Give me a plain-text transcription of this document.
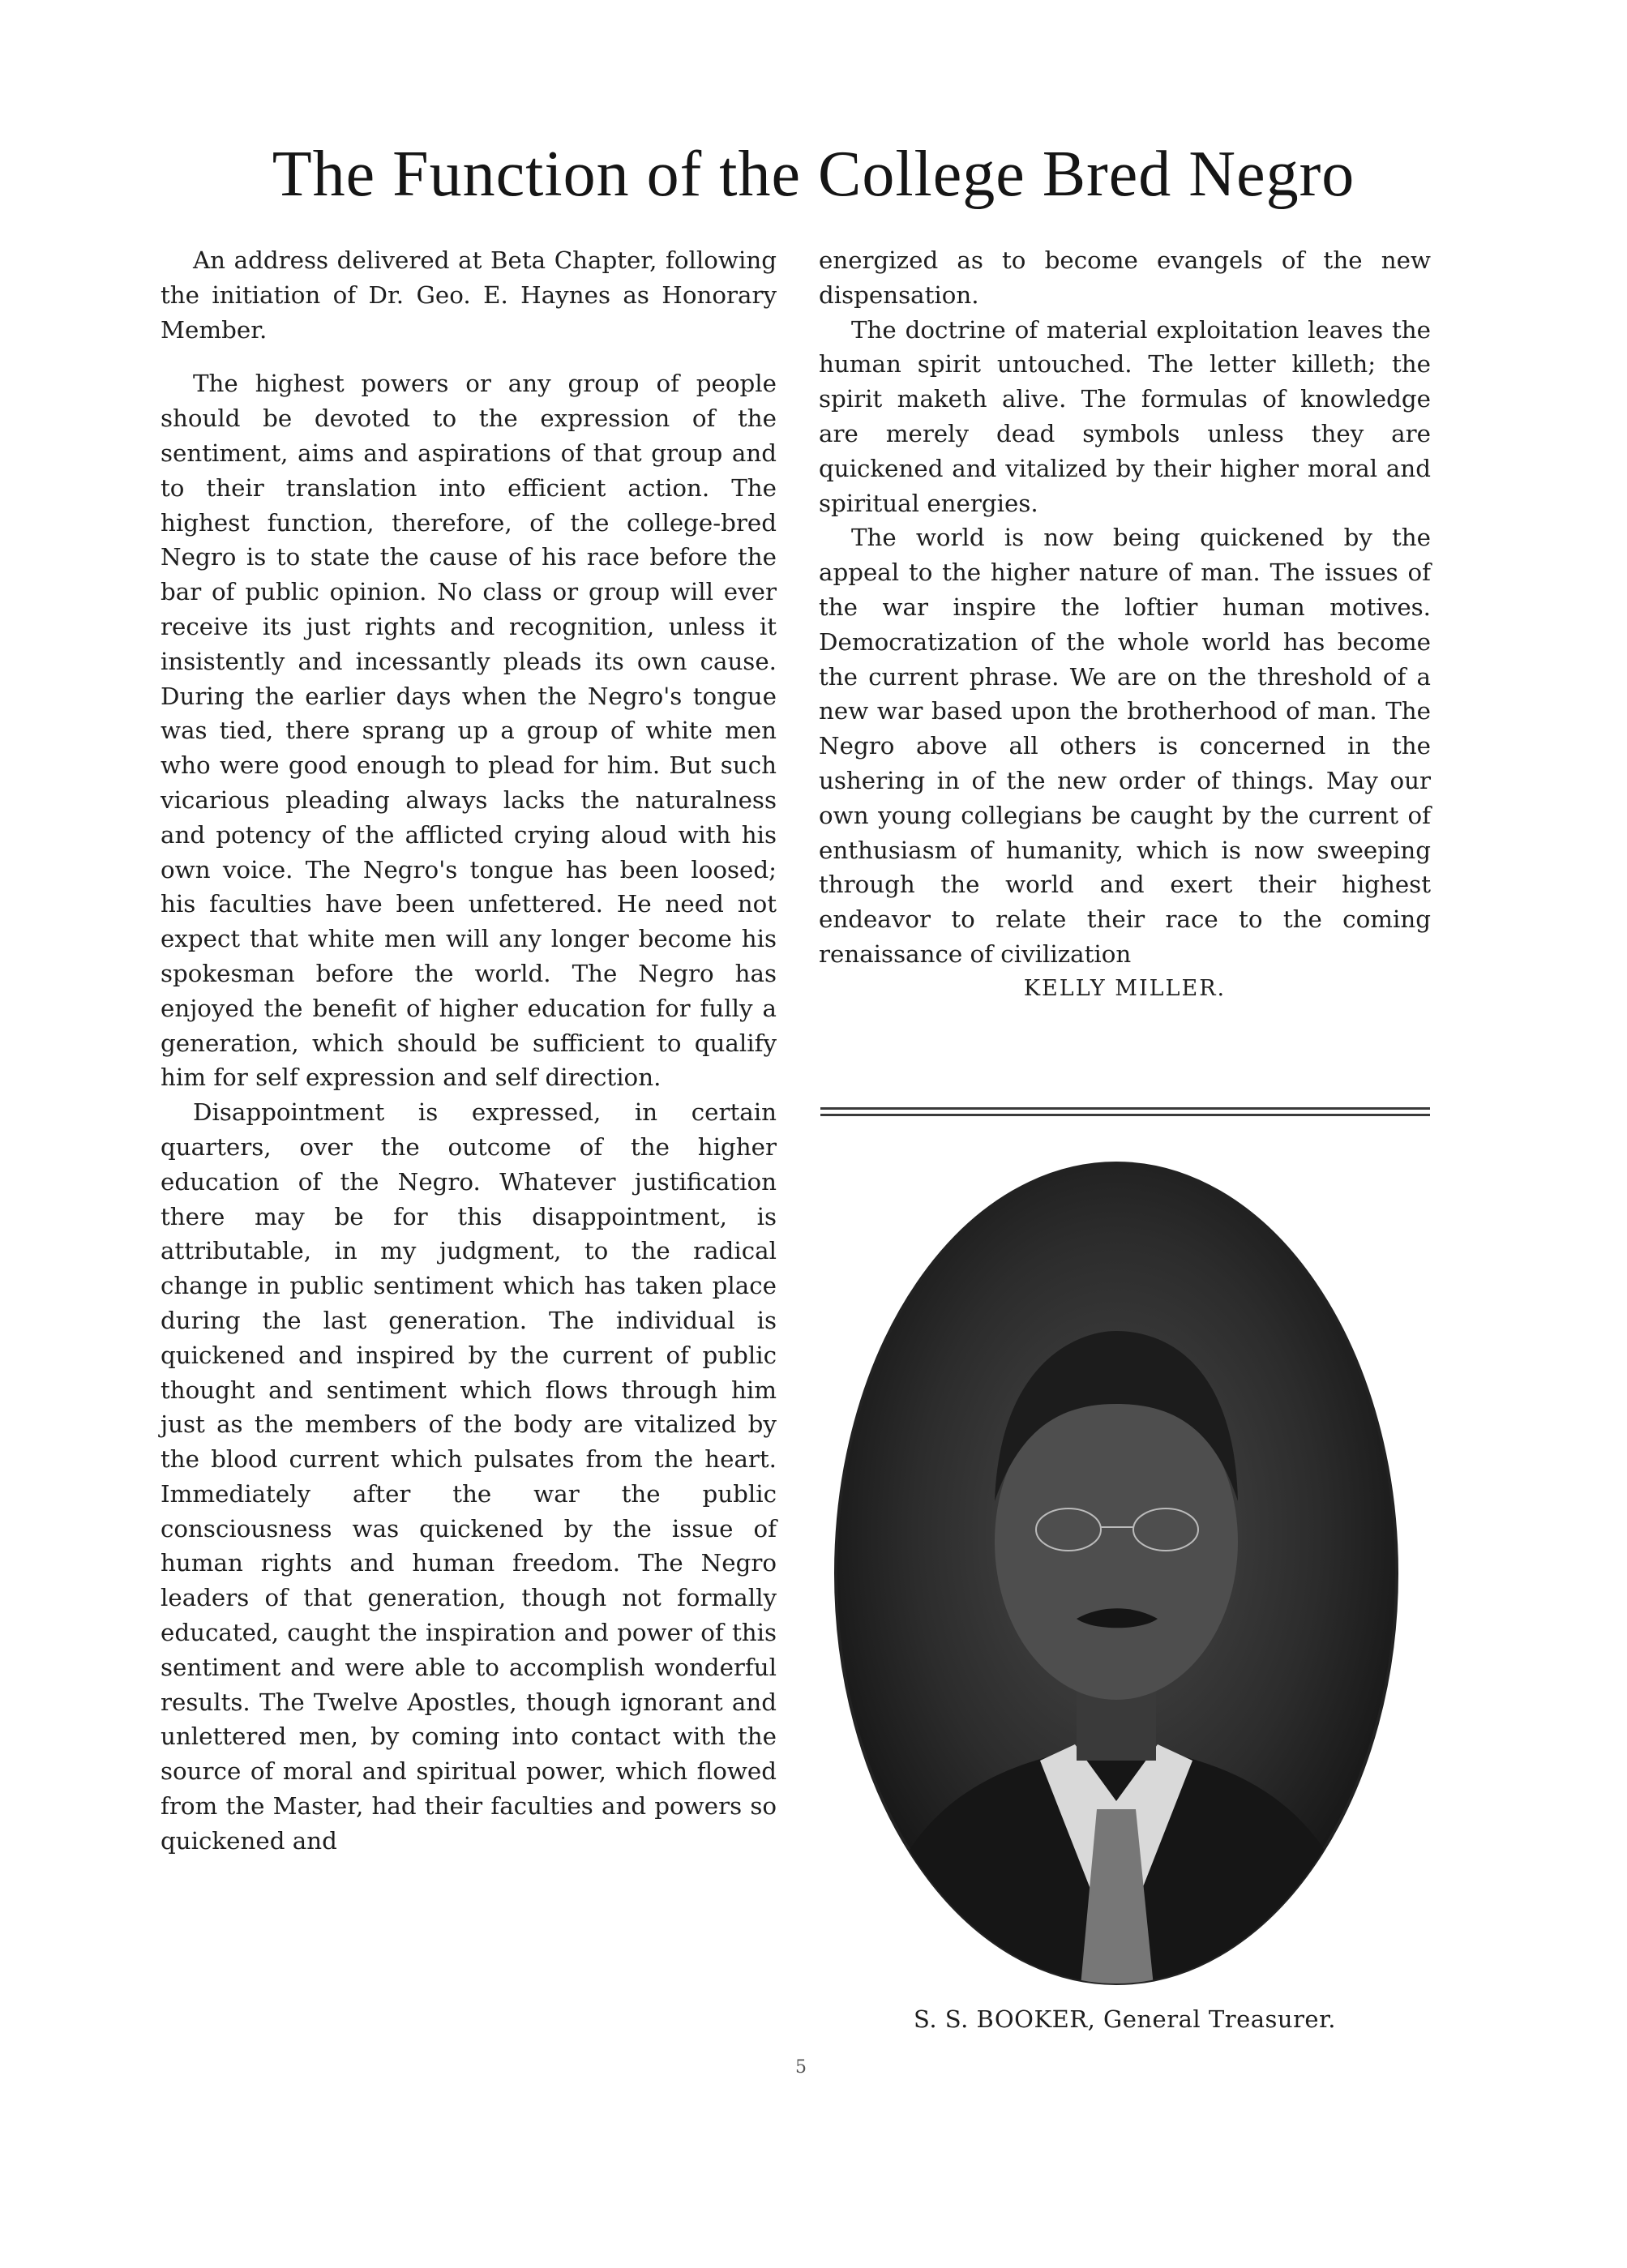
The Function of the College Bred Negro

An address delivered at Beta Chapter, following the initiation of Dr. Geo. E. Haynes as Honorary Member.

The highest powers or any group of people should be devoted to the expression of the sentiment, aims and aspirations of that group and to their translation into efficient action. The highest function, therefore, of the college-bred Negro is to state the cause of his race before the bar of public opinion. No class or group will ever receive its just rights and recognition, unless it insistently and incessantly pleads its own cause. During the earlier days when the Negro's tongue was tied, there sprang up a group of white men who were good enough to plead for him. But such vicarious pleading always lacks the naturalness and potency of the afflicted crying aloud with his own voice. The Negro's tongue has been loosed; his faculties have been unfettered. He need not expect that white men will any longer become his spokesman before the world. The Negro has enjoyed the benefit of higher education for fully a generation, which should be sufficient to qualify him for self expression and self direction.

Disappointment is expressed, in certain quarters, over the outcome of the higher education of the Negro. Whatever justification there may be for this disappointment, is attributable, in my judgment, to the radical change in public sentiment which has taken place during the last generation. The individual is quickened and inspired by the current of public thought and sentiment which flows through him just as the members of the body are vitalized by the blood current which pulsates from the heart. Immediately after the war the public consciousness was quickened by the issue of human rights and human freedom. The Negro leaders of that generation, though not formally educated, caught the inspiration and power of this sentiment and were able to accomplish wonderful results. The Twelve Apostles, though ignorant and unlettered men, by coming into contact with the source of moral and spiritual power, which flowed from the Master, had their faculties and powers so quickened and

energized as to become evangels of the new dispensation.

The doctrine of material exploitation leaves the human spirit untouched. The letter killeth; the spirit maketh alive. The formulas of knowledge are merely dead symbols unless they are quickened and vitalized by their higher moral and spiritual energies.

The world is now being quickened by the appeal to the higher nature of man. The issues of the war inspire the loftier human motives. Democratization of the whole world has become the current phrase. We are on the threshold of a new war based upon the brotherhood of man. The Negro above all others is concerned in the ushering in of the new order of things. May our own young collegians be caught by the current of enthusiasm of humanity, which is now sweeping through the world and exert their highest endeavor to relate their race to the coming renaissance of civilization

KELLY MILLER.

S. S. BOOKER, General Treasurer.
5
